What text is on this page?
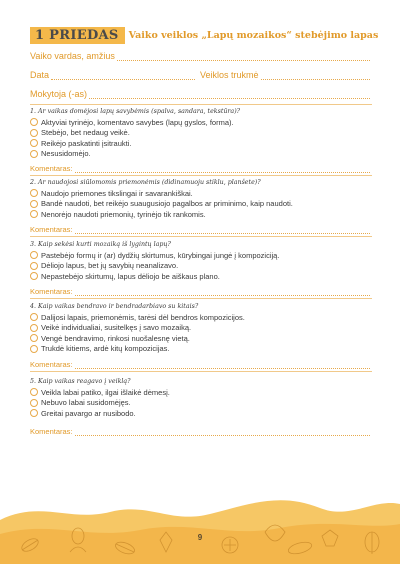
1 PRIEDAS	Vaiko veiklos „Lapų mozaikos“ stebėjimo lapas
Vaiko vardas, amžius
Data	Veiklos trukmė
Mokytoja (-as)
1. Ar vaikas domėjosi lapų savybėmis (spalva, sandara, tekstūra)?
Aktyviai tyrinėjo, komentavo savybes (lapų gyslos, forma).
Stebėjo, bet nedaug veikė.
Reikėjo paskatinti įsitraukti.
Nesusidomėjo.
Komentaras:
2. Ar naudojosi siūlomomis priemonėmis (didinamuoju stiklu, planšete)?
Naudojo priemones tikslingai ir savarankiškai.
Bandė naudoti, bet reikėjo suaugusiojo pagalbos ar priminimo, kaip naudoti.
Nenorėjo naudoti priemonių, tyrinėjo tik rankomis.
Komentaras:
3. Kaip sekėsi kurti mozaiką iš lygintų lapų?
Pastebėjo formų ir (ar) dydžių skirtumus, kūrybingai jungė į kompoziciją.
Dėliojo lapus, bet jų savybių neanalizavo.
Nepastebėjo skirtumų, lapus dėliojo be aiškaus plano.
Komentaras:
4. Kaip vaikas bendravo ir bendradarbiavo su kitais?
Dalijosi lapais, priemonėmis, tarėsi dėl bendros kompozicijos.
Veikė individualiai, susitelkęs į savo mozaiką.
Vengė bendravimo, rinkosi nuošalesnę vietą.
Trukdė kitiems, ardė kitų kompozicijas.
Komentaras:
5. Kaip vaikas reagavo į veiklą?
Veikla labai patiko, ilgai išlaikė dėmesį.
Nebuvo labai susidomėjęs.
Greitai pavargo ar nusibodo.
Komentaras:
9
